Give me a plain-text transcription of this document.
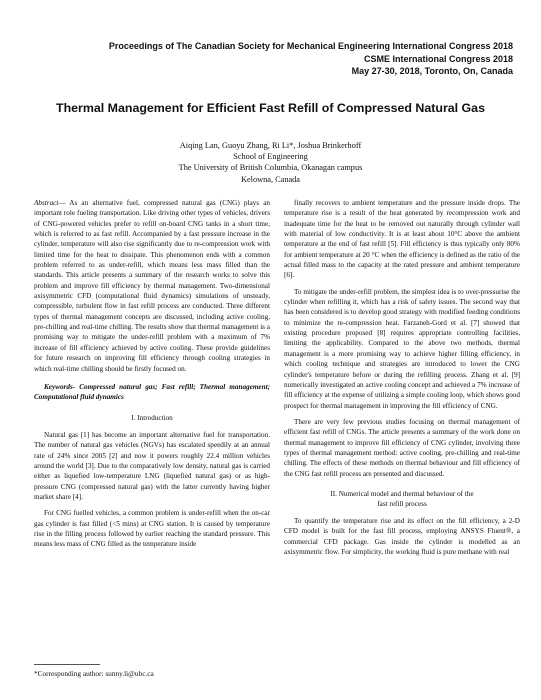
Proceedings of The Canadian Society for Mechanical Engineering International Congress 2018
CSME International Congress 2018
May 27-30, 2018, Toronto, On, Canada
Thermal Management for Efficient Fast Refill of Compressed Natural Gas
Aiqing Lan, Guoyu Zhang, Ri Li*, Joshua Brinkerhoff
School of Engineering
The University of British Columbia, Okanagan campus
Kelowna, Canada

Abstract— As an alternative fuel, compressed natural gas (CNG) plays an important role fueling transportation. Like driving other types of vehicles, drivers of CNG-powered vehicles prefer to refill on-board CNG tanks in a short time, which is referred to as fast refill. Accompanied by a fast pressure increase in the cylinder, temperature will also rise significantly due to re-compression work with limited time for the heat to dissipate. This phenomenon ends with a common problem referred to as under-refill, which means less mass filled than the standards. This article presents a summary of the research works to solve this problem and improve fill efficiency by thermal management. Two-dimensional axisymmetric CFD (computational fluid dynamics) simulations of unsteady, compressible, turbulent flow in fast refill process are conducted. Three different types of thermal management concepts are discussed, including active cooling, pre-chilling and real-time chilling. The results show that thermal management is a promising way to mitigate the under-refill problem with a maximum of 7% increase of fill efficiency achieved by active cooling. These provide guidelines for future research on improving fill efficiency through cooling strategies in which real-time chilling should be firstly focused on.

Keywords- Compressed natural gas; Fast refill; Thermal management; Computational fluid dynamics

I. Introduction

Natural gas [1] has become an important alternative fuel for transportation. The number of natural gas vehicles (NGVs) has escalated speedily at an annual rate of 24% since 2005 [2] and now it powers roughly 22.4 million vehicles around the world [3]. Due to the comparatively low density, natural gas is carried either as liquefied low-temperature LNG (liquefied natural gas) or as high-pressure CNG (compressed natural gas) with the latter currently having higher market share [4].

For CNG fuelled vehicles, a common problem is under-refill when the on-car gas cylinder is fast filled (<5 mins) at CNG station. It is caused by temperature rise in the filling process followed by earlier reaching the standard pressure. This means less mass of CNG filled as the temperature inside

finally recovers to ambient temperature and the pressure inside drops. The temperature rise is a result of the heat generated by recompression work and inadequate time for the heat to be removed out naturally through cylinder wall with material of low conductivity. It is at least about 10°C above the ambient temperature at the end of fast refill [5]. Fill efficiency is thus typically only 80% for ambient temperature at 20 °C when the efficiency is defined as the ratio of the actual filled mass to the capacity at the rated pressure and ambient temperature [6].

To mitigate the under-refill problem, the simplest idea is to over-pressurise the cylinder when refilling it, which has a risk of safety issues. The second way that has been considered is to develop good strategy with modified feeding conditions to minimize the re-compression heat. Farzaneh-Gord et al. [7] showed that existing procedure proposed [8] requires appropriate controlling facilities, limiting the applicability. Compared to the above two methods, thermal management is a more promising way to achieve higher filling efficiency, in which cooling technique and strategies are introduced to lower the CNG cylinder's temperature before or during the refilling process. Zhang et al. [9] numerically investigated an active cooling concept and achieved a 7% increase of fill efficiency at the expense of utilizing a simple cooling loop, which shows good prospect for thermal management in improving the fill efficiency of CNG.

There are very few previous studies focusing on thermal management of efficient fast refill of CNGs. The article presents a summary of the work done on thermal management to improve fill efficiency of CNG cylinder, involving three types of thermal management method: active cooling, pre-chilling and real-time chilling. The effects of these methods on thermal behaviour and fill efficiency of the CNG fast refill process are presented and discussed.

II. Numerical model and thermal behaviour of the
fast refill process

To quantify the temperature rise and its effect on the fill efficiency, a 2-D CFD model is built for the fast fill process, employing ANSYS Fluent®, a commercial CFD package. Gas inside the cylinder is modelled as an axisymmetric flow. For simplicity, the working fluid is pure methane with real

*Corresponding author: sunny.li@ubc.ca
